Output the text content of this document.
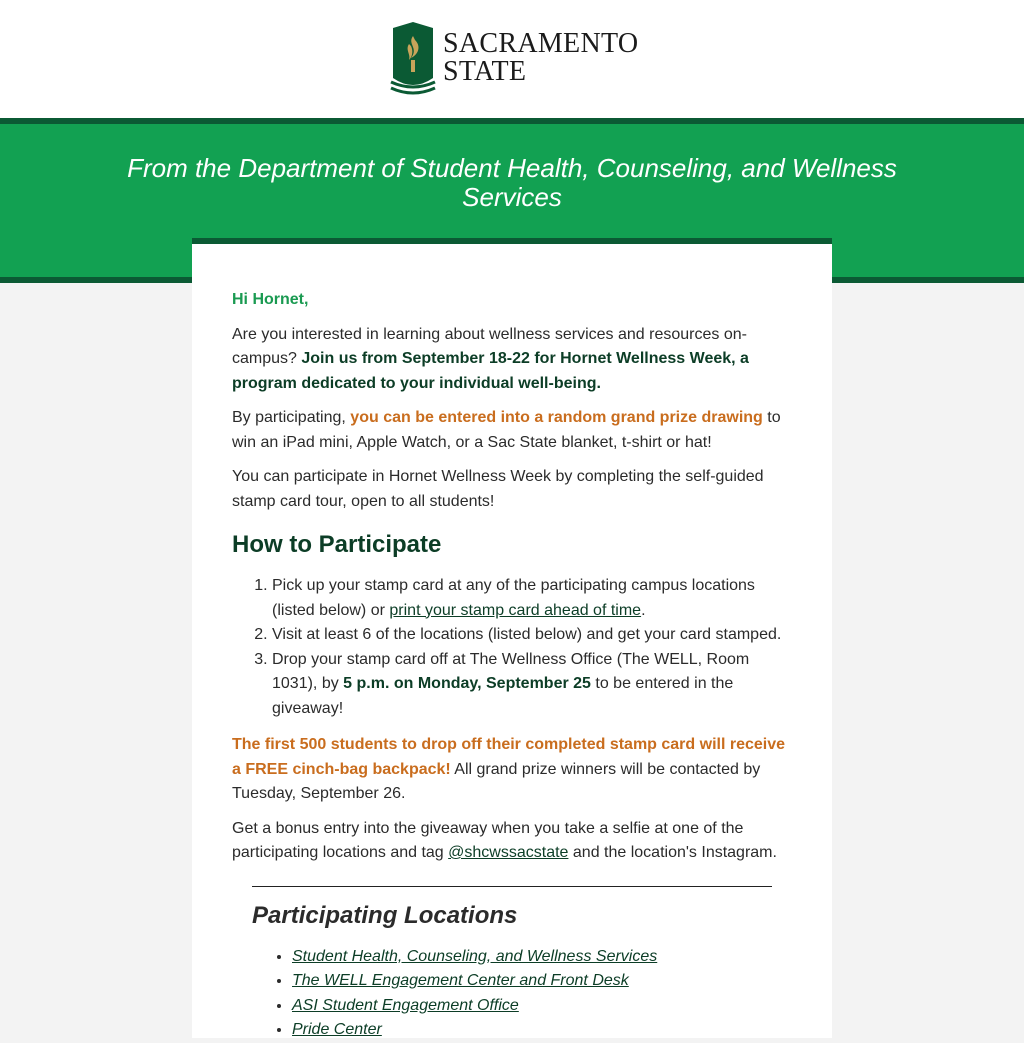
SACRAMENTO
STATE
From the Department of Student Health, Counseling, and Wellness Services

Hi Hornet,

Are you interested in learning about wellness services and resources on-campus? Join us from September 18-22 for Hornet Wellness Week, a program dedicated to your individual well-being.

By participating, you can be entered into a random grand prize drawing to win an iPad mini, Apple Watch, or a Sac State blanket, t-shirt or hat!

You can participate in Hornet Wellness Week by completing the self-guided stamp card tour, open to all students!

How to Participate
1. Pick up your stamp card at any of the participating campus locations (listed below) or print your stamp card ahead of time.
2. Visit at least 6 of the locations (listed below) and get your card stamped.
3. Drop your stamp card off at The Wellness Office (The WELL, Room 1031), by 5 p.m. on Monday, September 25 to be entered in the giveaway!

The first 500 students to drop off their completed stamp card will receive a FREE cinch-bag backpack! All grand prize winners will be contacted by Tuesday, September 26.

Get a bonus entry into the giveaway when you take a selfie at one of the participating locations and tag @shcwssacstate and the location's Instagram.

Participating Locations
• Student Health, Counseling, and Wellness Services
• The WELL Engagement Center and Front Desk
• ASI Student Engagement Office
• Pride Center
